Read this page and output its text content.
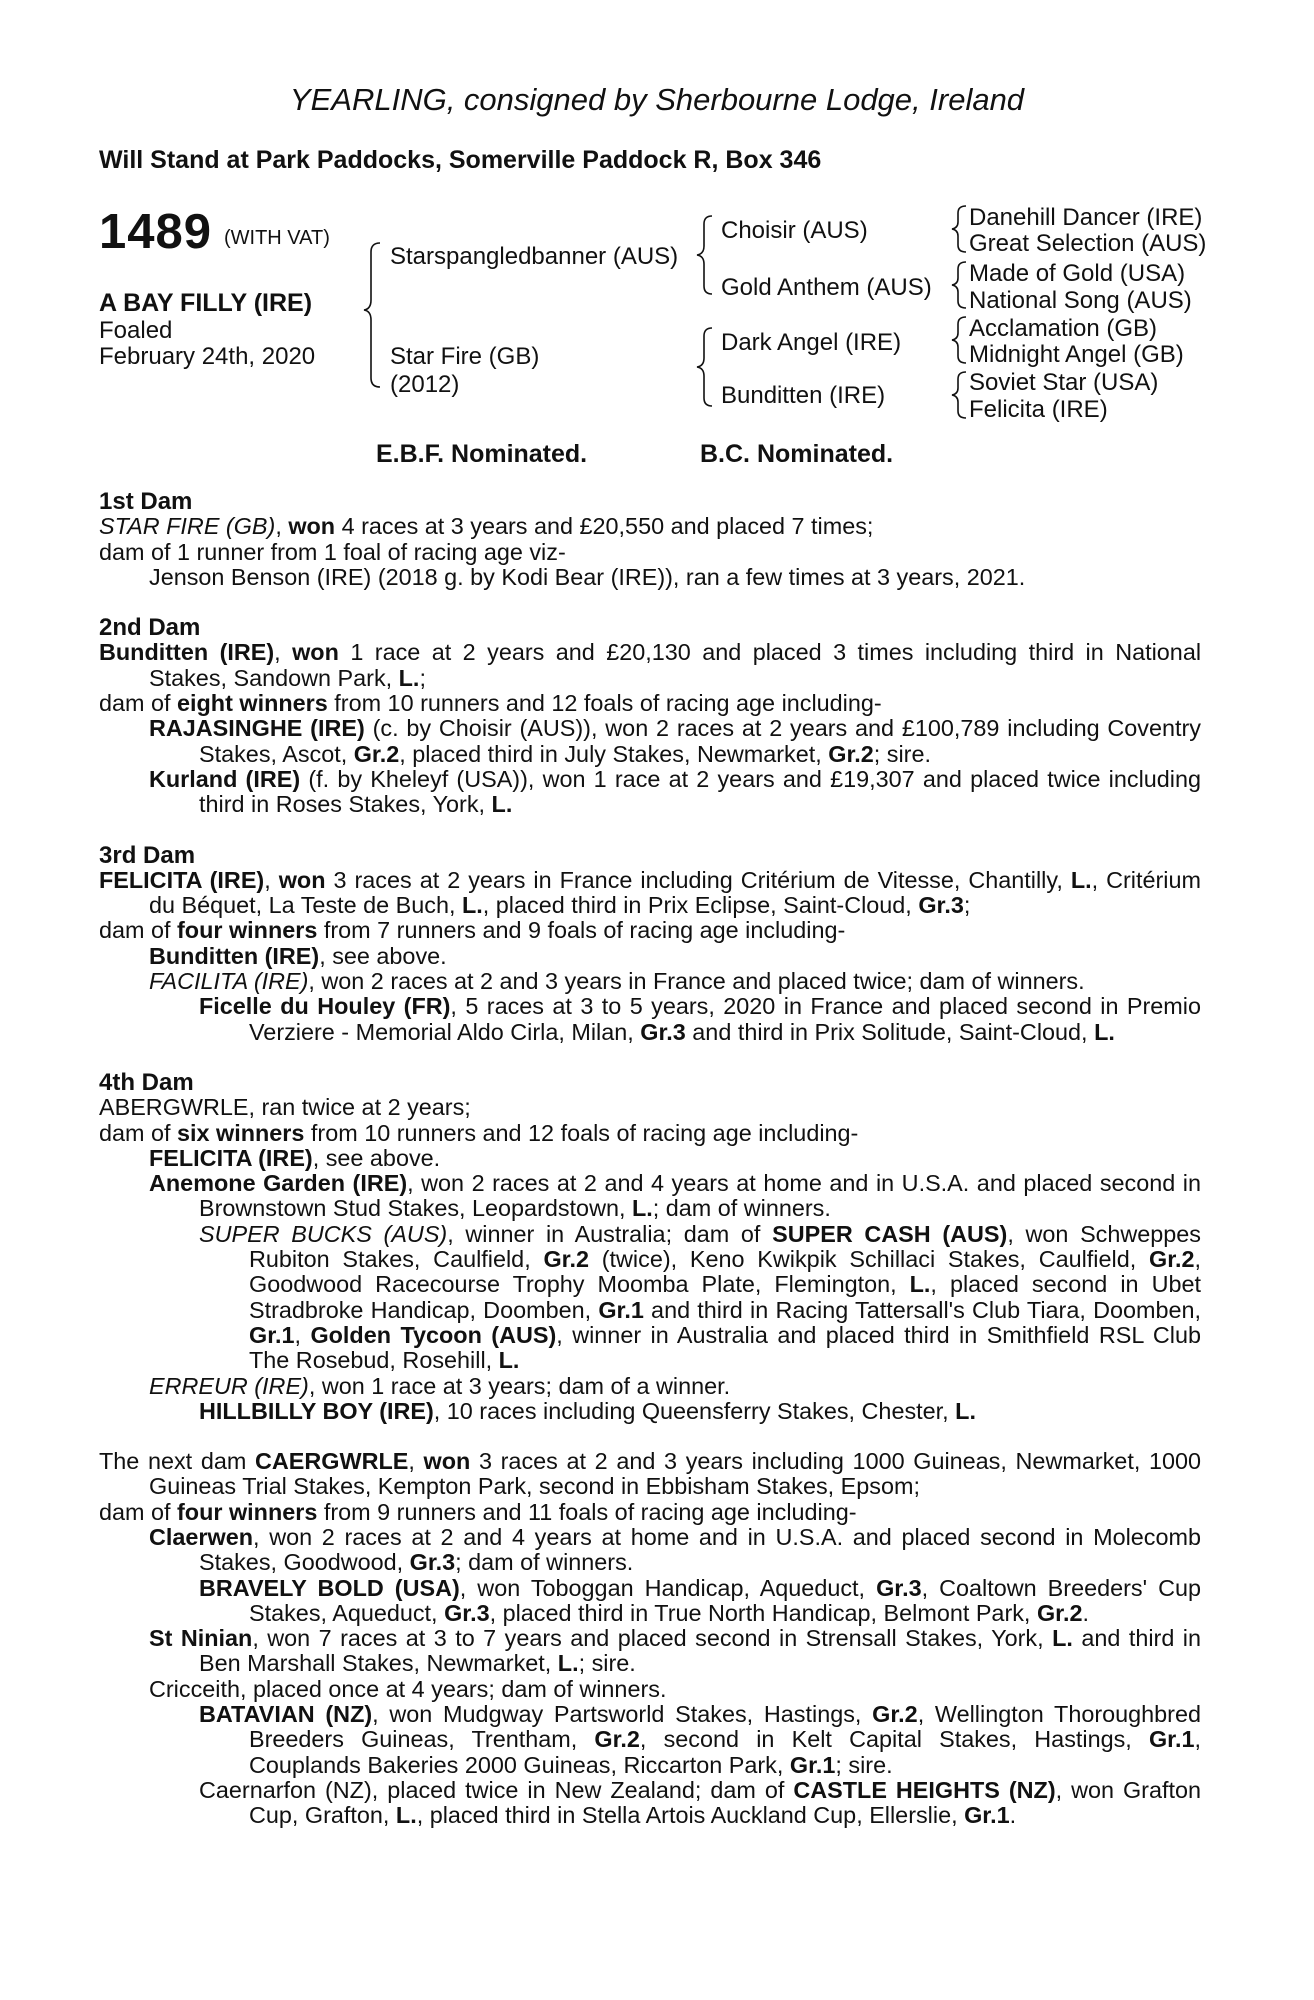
YEARLING, consigned by Sherbourne Lodge, Ireland
Will Stand at Park Paddocks, Somerville Paddock R, Box 346
1489 (WITH VAT)
A BAY FILLY (IRE)
Foaled
February 24th, 2020
Starspangledbanner (AUS)
Star Fire (GB)
(2012)
Choisir (AUS)
Gold Anthem (AUS)
Dark Angel (IRE)
Bunditten (IRE)
Danehill Dancer (IRE)
Great Selection (AUS)
Made of Gold (USA)
National Song (AUS)
Acclamation (GB)
Midnight Angel (GB)
Soviet Star (USA)
Felicita (IRE)
E.B.F. Nominated.	B.C. Nominated.

1st Dam

STAR FIRE (GB), won 4 races at 3 years and £20,550 and placed 7 times;

dam of 1 runner from 1 foal of racing age viz-

Jenson Benson (IRE) (2018 g. by Kodi Bear (IRE)), ran a few times at 3 years, 2021.

2nd Dam

Bunditten (IRE), won 1 race at 2 years and £20,130 and placed 3 times including third in National Stakes, Sandown Park, L.;

dam of eight winners from 10 runners and 12 foals of racing age including-

RAJASINGHE (IRE) (c. by Choisir (AUS)), won 2 races at 2 years and £100,789 including Coventry Stakes, Ascot, Gr.2, placed third in July Stakes, Newmarket, Gr.2; sire.

Kurland (IRE) (f. by Kheleyf (USA)), won 1 race at 2 years and £19,307 and placed twice including third in Roses Stakes, York, L.

3rd Dam

FELICITA (IRE), won 3 races at 2 years in France including Critérium de Vitesse, Chantilly, L., Critérium du Béquet, La Teste de Buch, L., placed third in Prix Eclipse, Saint-Cloud, Gr.3;

dam of four winners from 7 runners and 9 foals of racing age including-

Bunditten (IRE), see above.

FACILITA (IRE), won 2 races at 2 and 3 years in France and placed twice; dam of winners.

Ficelle du Houley (FR), 5 races at 3 to 5 years, 2020 in France and placed second in Premio Verziere - Memorial Aldo Cirla, Milan, Gr.3 and third in Prix Solitude, Saint-Cloud, L.

4th Dam

ABERGWRLE, ran twice at 2 years;

dam of six winners from 10 runners and 12 foals of racing age including-

FELICITA (IRE), see above.

Anemone Garden (IRE), won 2 races at 2 and 4 years at home and in U.S.A. and placed second in Brownstown Stud Stakes, Leopardstown, L.; dam of winners.

SUPER BUCKS (AUS), winner in Australia; dam of SUPER CASH (AUS), won Schweppes Rubiton Stakes, Caulfield, Gr.2 (twice), Keno Kwikpik Schillaci Stakes, Caulfield, Gr.2, Goodwood Racecourse Trophy Moomba Plate, Flemington, L., placed second in Ubet Stradbroke Handicap, Doomben, Gr.1 and third in Racing Tattersall's Club Tiara, Doomben, Gr.1, Golden Tycoon (AUS), winner in Australia and placed third in Smithfield RSL Club The Rosebud, Rosehill, L.

ERREUR (IRE), won 1 race at 3 years; dam of a winner.

HILLBILLY BOY (IRE), 10 races including Queensferry Stakes, Chester, L.

The next dam CAERGWRLE, won 3 races at 2 and 3 years including 1000 Guineas, Newmarket, 1000 Guineas Trial Stakes, Kempton Park, second in Ebbisham Stakes, Epsom;

dam of four winners from 9 runners and 11 foals of racing age including-

Claerwen, won 2 races at 2 and 4 years at home and in U.S.A. and placed second in Molecomb Stakes, Goodwood, Gr.3; dam of winners.

BRAVELY BOLD (USA), won Toboggan Handicap, Aqueduct, Gr.3, Coaltown Breeders' Cup Stakes, Aqueduct, Gr.3, placed third in True North Handicap, Belmont Park, Gr.2.

St Ninian, won 7 races at 3 to 7 years and placed second in Strensall Stakes, York, L. and third in Ben Marshall Stakes, Newmarket, L.; sire.

Cricceith, placed once at 4 years; dam of winners.

BATAVIAN (NZ), won Mudgway Partsworld Stakes, Hastings, Gr.2, Wellington Thoroughbred Breeders Guineas, Trentham, Gr.2, second in Kelt Capital Stakes, Hastings, Gr.1, Couplands Bakeries 2000 Guineas, Riccarton Park, Gr.1; sire.

Caernarfon (NZ), placed twice in New Zealand; dam of CASTLE HEIGHTS (NZ), won Grafton Cup, Grafton, L., placed third in Stella Artois Auckland Cup, Ellerslie, Gr.1.
